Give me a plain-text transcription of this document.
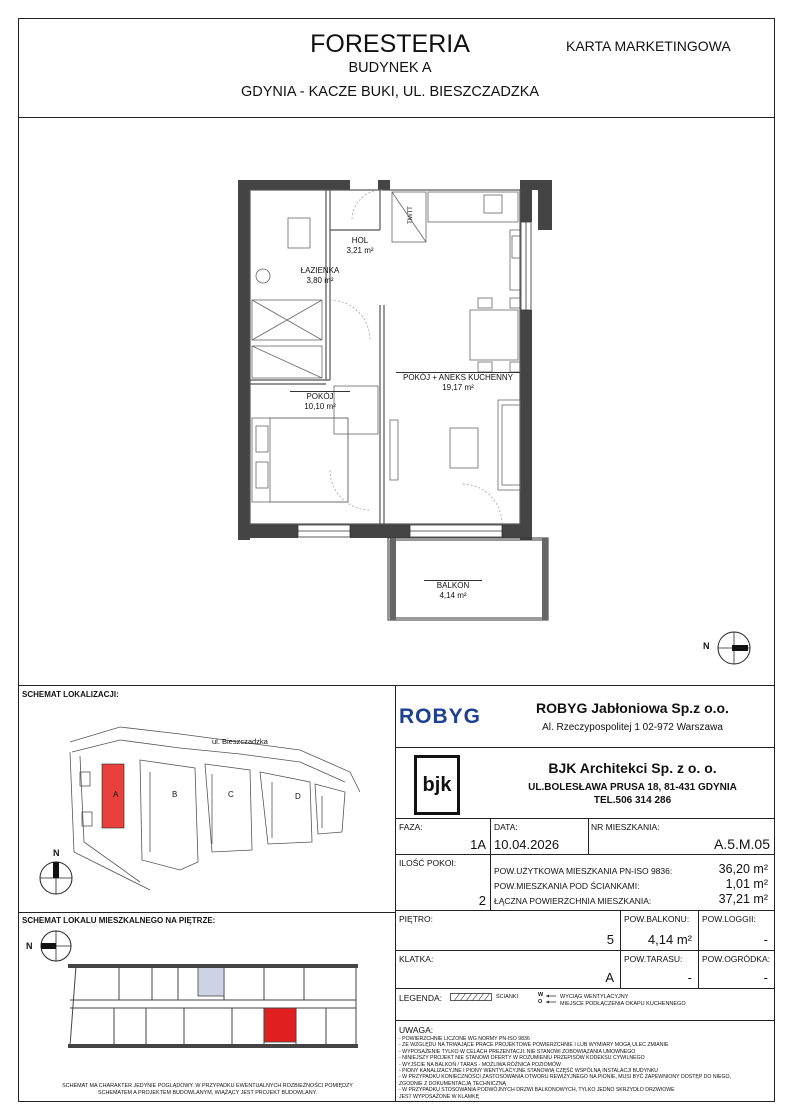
FORESTERIA
BUDYNEK A
GDYNIA - KACZE BUKI, UL. BIESZCZADZKA
KARTA MARKETINGOWA
HOL
3,21 m²
ŁAZIENKA
3,80 m²
POKÓJ + ANEKS KUCHENNY
19,17 m²
POKÓJ
10,10 m²
BALKON
4,14 m²
TM/TT
N
SCHEMAT LOKALIZACJI:
ul. Bieszczadzka
A	B	C	D
N
SCHEMAT LOKALU MIESZKALNEGO NA PIĘTRZE:
N
SCHEMAT MA CHARAKTER JEDYNIE POGLĄDOWY. W PRZYPADKU EWENTUALNYCH ROZBIEŻNOŚCI POMIĘDZY
SCHEMATEM A PROJEKTEM BUDOWLANYM, WIĄŻĄCY JEST PROJEKT BUDOWLANY.
ROBYG	ROBYG Jabłoniowa Sp.z o.o.
Al. Rzeczypospolitej 1 02-972 Warszawa
bjk
BJK Architekci Sp. z o. o.
UL.BOLESŁAWA PRUSA 18, 81-431 GDYNIA
TEL.506 314 286
FAZA:
1A
DATA:
10.04.2026
NR MIESZKANIA:
A.5.M.05
ILOŚĆ POKOI:
2
POW.UŻYTKOWA MIESZKANIA PN-ISO 9836:	36,20 m²
POW.MIESZKANIA POD ŚCIANKAMI:	1,01 m²
ŁĄCZNA POWIERZCHNIA MIESZKANIA:	37,21 m²
PIĘTRO:
5
POW.BALKONU:
4,14 m²
POW.LOGGII:
-
KLATKA:
A
POW.TARASU:
-
POW.OGRÓDKA:
-
LEGENDA:	ŚCIANKI	W
O
WYCIĄG WENTYLACYJNY
MIEJSCE PODŁĄCZENIA OKAPU KUCHENNEGO
UWAGA:
- POWIERZCHNIE LICZONE WG NORMY PN-ISO 9836
- ZE WZGLĘDU NA TRWAJĄCE PRACE PROJEKTOWE POWIERZCHNIE I LUB WYMIARY MOGĄ ULEC ZMIANIE
- WYPOSAŻENIE TYLKO W CELACH PREZENTACJI. NIE STANOWI ZOBOWIĄZANIA UMOWNEGO
- NINIEJSZY PROJEKT NIE STANOWI OFERTY W ROZUMIENIU PRZEPISÓW KODEKSU CYWILNEGO
- WYJŚCIE NA BALKON / TARAS - MOŻLIWA RÓŻNICA POZIOMÓW
- PIONY KANALIZACYJNE I PIONY WENTYLACYJNE STANOWIĄ CZĘŚĆ WSPÓLNĄ INSTALACJI BUDYNKU
- W PRZYPADKU KONIECZNOŚCI ZASTOSOWANIA OTWORU REWIZYJNEGO NA PIONIE, MUSI BYĆ ZAPEWNIONY DOSTĘP DO NIEGO,
ZGODNIE Z DOKUMENTACJĄ TECHNICZNĄ
- W PRZYPADKU STOSOWANIA PODWÓJNYCH DRZWI BALKONOWYCH, TYLKO JEDNO SKRZYDŁO DRZWIOWE
JEST WYPOSAŻONE W KLAMKĘ
